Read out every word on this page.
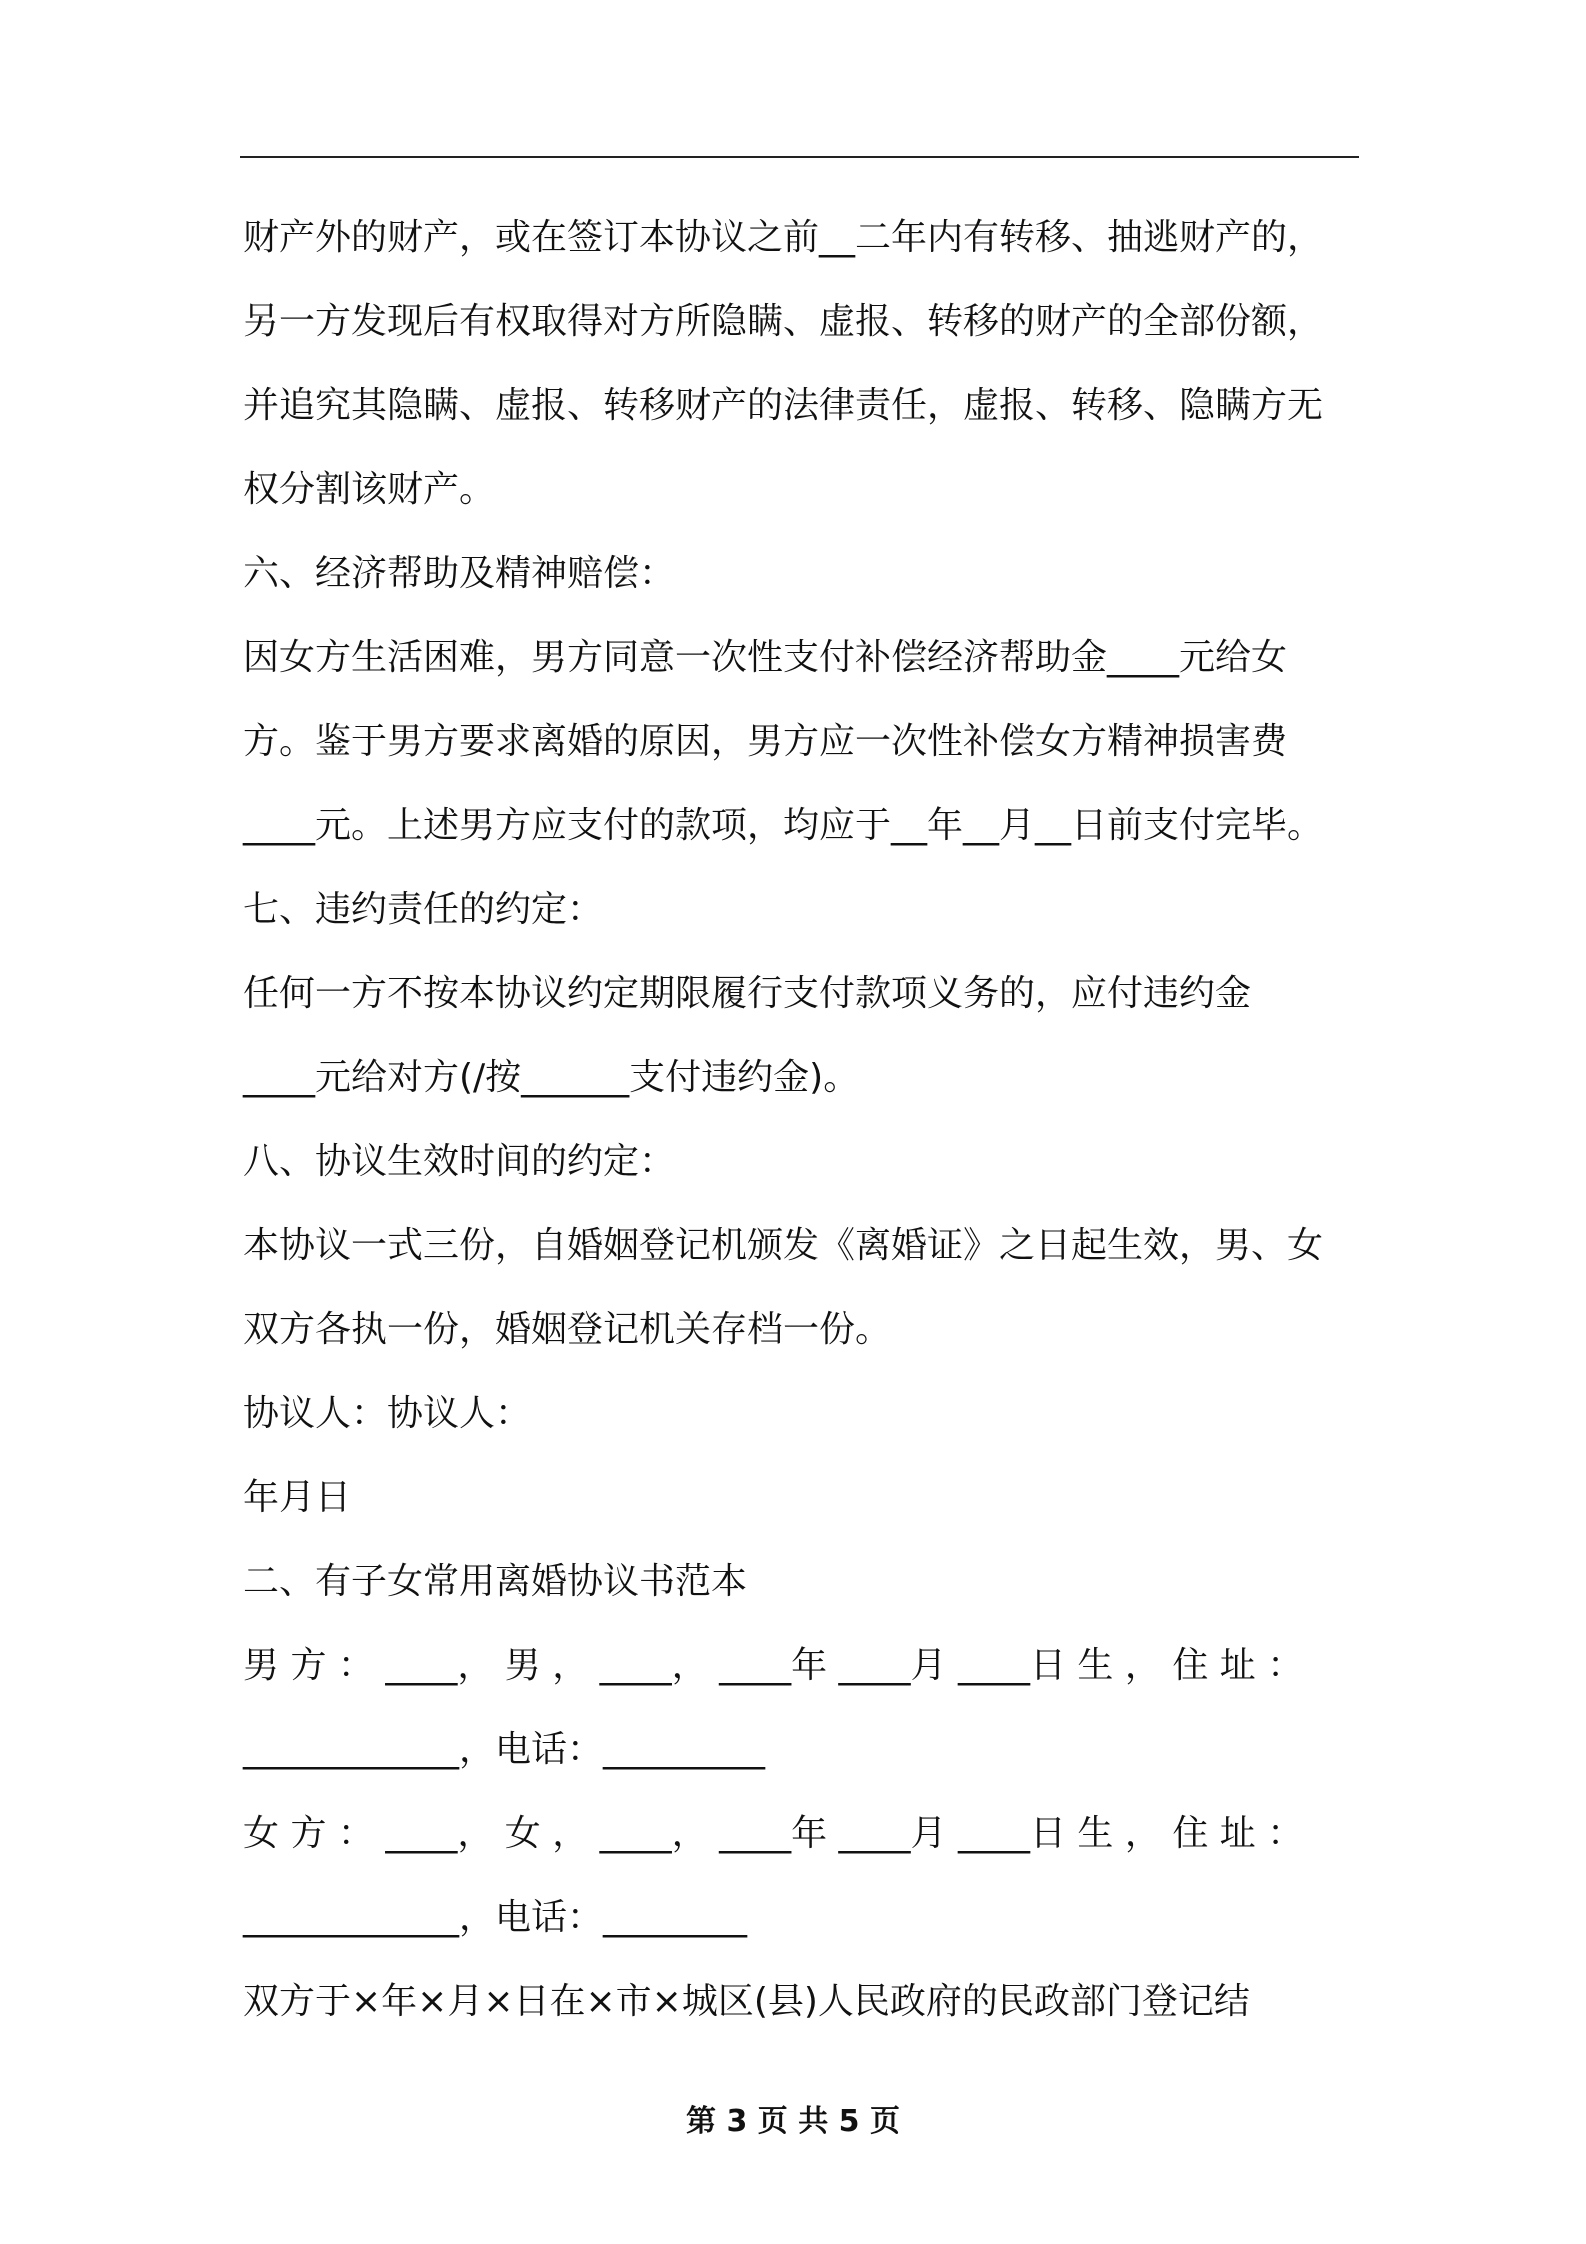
财产外的财产，或在签订本协议之前__二年内有转移、抽逃财产的，
另一方发现后有权取得对方所隐瞒、虚报、转移的财产的全部份额，
并追究其隐瞒、虚报、转移财产的法律责任，虚报、转移、隐瞒方无
权分割该财产。
六、经济帮助及精神赔偿：
因女方生活困难，男方同意一次性支付补偿经济帮助金____元给女
方。鉴于男方要求离婚的原因，男方应一次性补偿女方精神损害费
____元。上述男方应支付的款项，均应于__年__月__日前支付完毕。
七、违约责任的约定：
任何一方不按本协议约定期限履行支付款项义务的，应付违约金
____元给对方(/按______支付违约金)。
八、协议生效时间的约定：
本协议一式三份，自婚姻登记机颁发《离婚证》之日起生效，男、女
双方各执一份，婚姻登记机关存档一份。
协议人：协议人：
年月日
二、有子女常用离婚协议书范本
男 方 ： ____， 男 ， ____， ____年 ____月 ____日 生 ， 住 址 ：
____________，电话：_________
女 方 ： ____， 女 ， ____， ____年 ____月 ____日 生 ， 住 址 ：
____________，电话：________
双方于×年×月×日在×市×城区(县)人民政府的民政部门登记结
第 3 页 共 5 页
